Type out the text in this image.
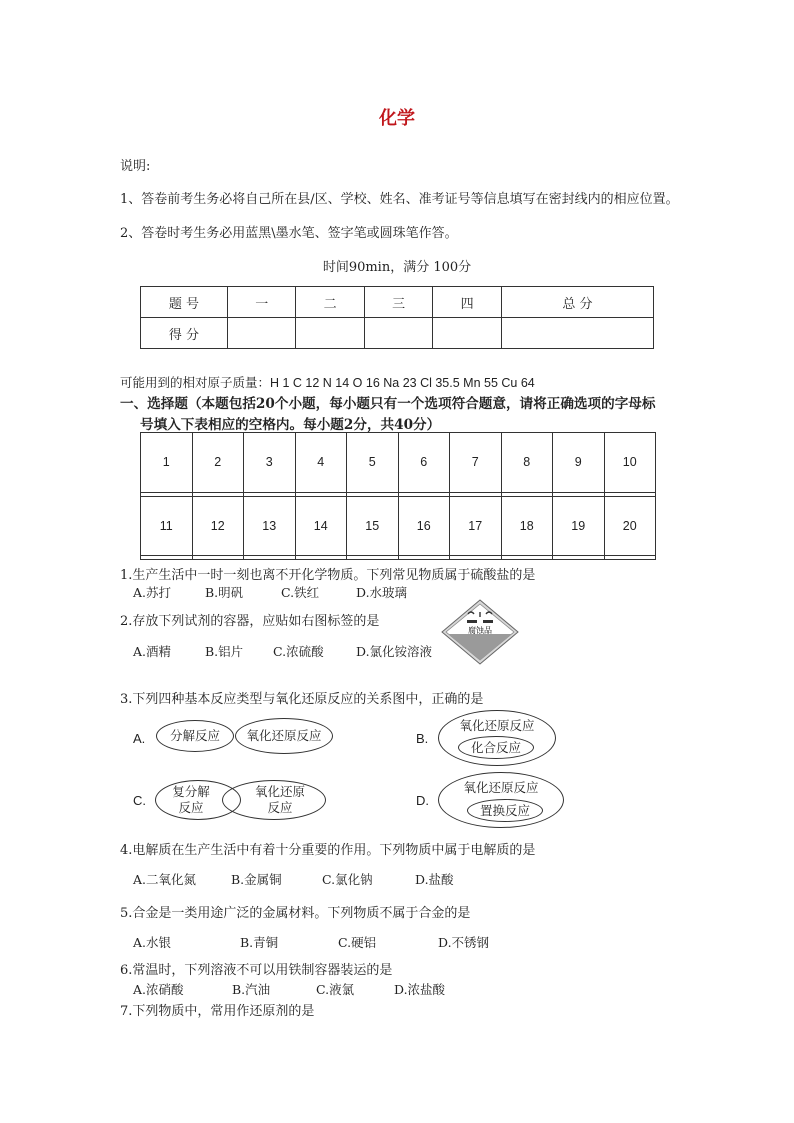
化学
说明:
1、答卷前考生务必将自己所在县/区、学校、姓名、准考证号等信息填写在密封线内的相应位置。
2、答卷时考生务必用蓝黑\墨水笔、签字笔或圆珠笔作答。
时间90min，满分 100分
题 号	一	二	三	四	总 分
得 分					
可能用到的相对原子质量：H 1 C 12 N 14 O 16 Na 23 Cl 35.5 Mn 55 Cu 64
一、选择题（本题包括20个小题，每小题只有一个选项符合题意，请将正确选项的字母标
号填入下表相应的空格内。每小题2分，共40分）
1	2	3	4	5	6	7	8	9	10

11	12	13	14	15	16	17	18	19	20

1.生产生活中一时一刻也离不开化学物质。下列常见物质属于硫酸盐的是
A.苏打	B.明矾	C.铁红	D.水玻璃
2.存放下列试剂的容器，应贴如右图标签的是
A.酒精	B.铝片 C.浓硫酸	D.氯化铵溶液
腐蚀品
3.下列四种基本反应类型与氧化还原反应的关系图中，正确的是
A. 分解反应 氧化还原反应	B.
氧化还原反应
化合反应
C.
复分解
反应
氧化还原
反应	D.
氧化还原反应
置换反应
4.电解质在生产生活中有着十分重要的作用。下列物质中属于电解质的是
A.二氧化氮	B.金属铜	C.氯化钠	D.盐酸
5.合金是一类用途广泛的金属材料。下列物质不属于合金的是
A.水银	B.青铜	C.硬铝	D.不锈钢
6.常温时，下列溶液不可以用铁制容器装运的是
A.浓硝酸	B.汽油	C.液氯	D.浓盐酸
7.下列物质中，常用作还原剂的是
